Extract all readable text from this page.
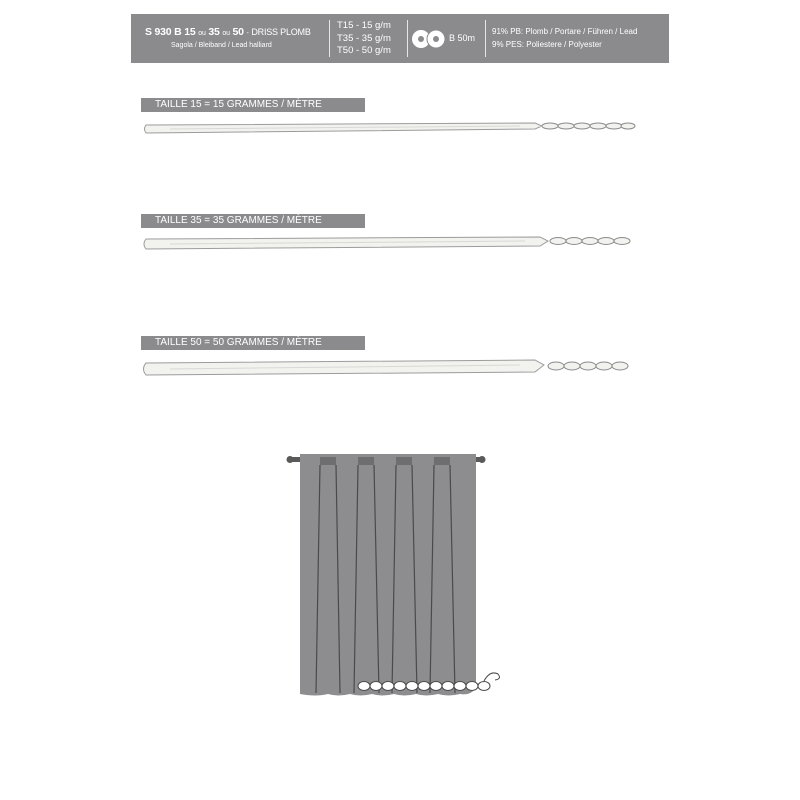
S 930 B 15 ou 35 ou 50 - DRISS PLOMB
Sagola / Bleiband / Lead halliard
T15 - 15 g/m
T35 - 35 g/m
T50 - 50 g/m
B 50m
91% PB: Plomb / Portare / Führen / Lead
9% PES: Poliestere / Polyester
TAILLE 15 = 15 GRAMMES / MÈTRE
TAILLE 35 = 35 GRAMMES / MÈTRE
TAILLE 50 = 50 GRAMMES / MÈTRE
